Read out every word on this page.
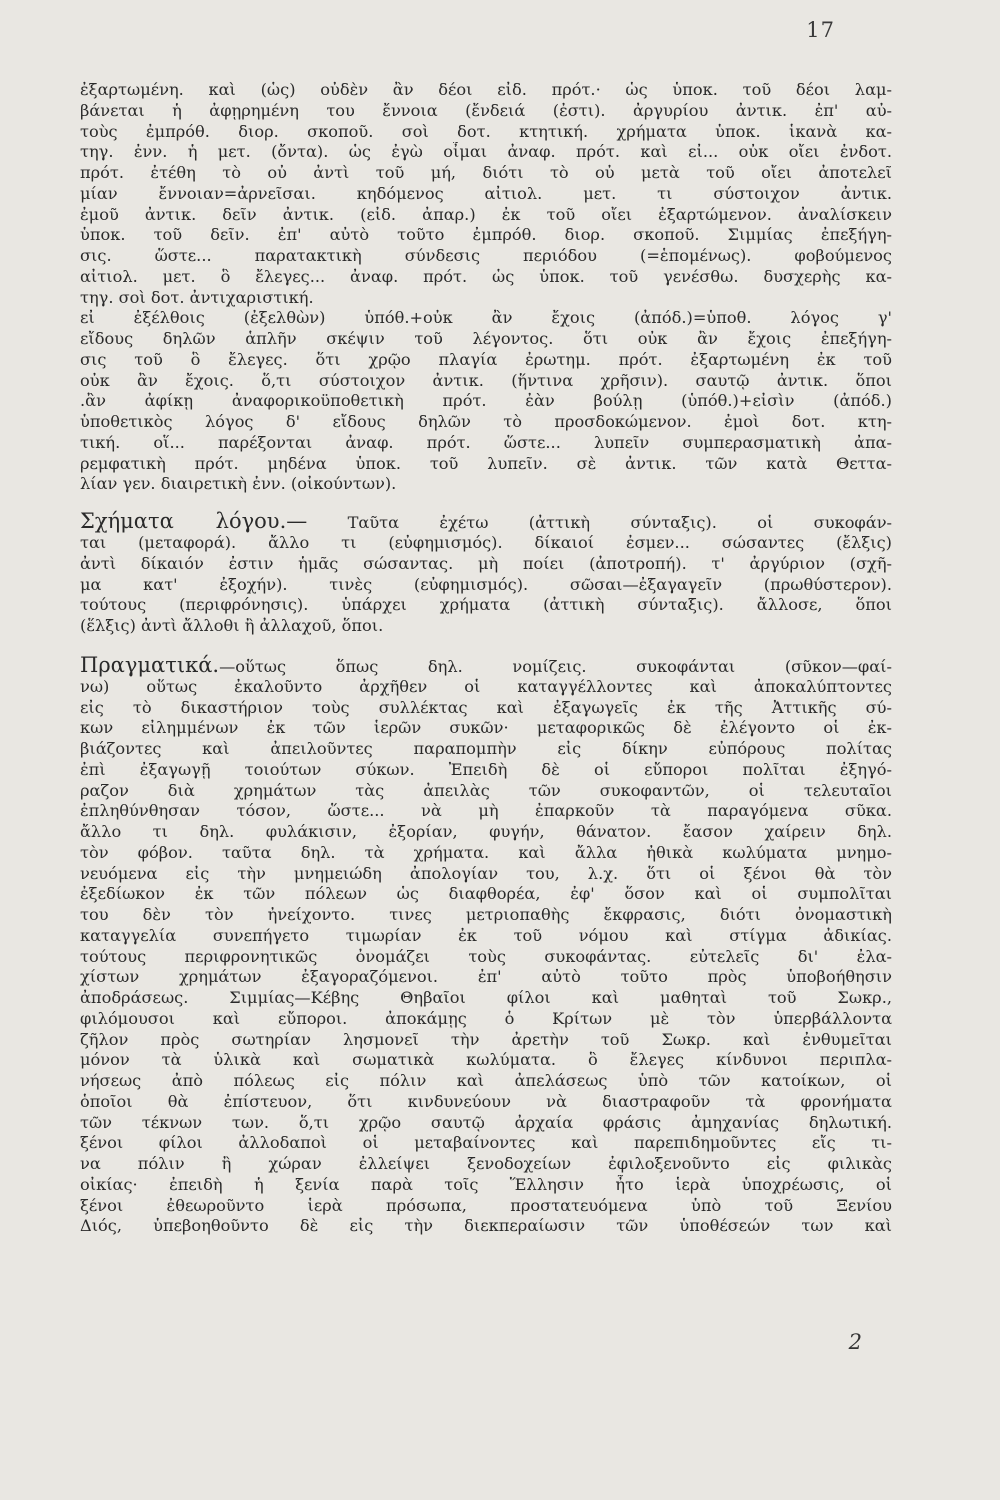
17
ἐξαρτωμένη. καὶ (ὡς) οὐδὲν ἂν δέοι εἰδ. πρότ.· ὡς ὑποκ. τοῦ δέοι λαμ-
βάνεται ἡ ἀφῃρημένη του ἔννοια (ἔνδειά (ἐστι). ἀργυρίου ἀντικ. ἐπ' αὐ-
τοὺς ἐμπρόθ. διορ. σκοποῦ. σοὶ δοτ. κτητική. χρήματα ὑποκ. ἱκανὰ κα-
τηγ. ἐνν. ἡ μετ. (ὄντα). ὡς ἐγὼ οἶμαι ἀναφ. πρότ. καὶ εἰ... οὐκ οἴει ἐνδοτ.
πρότ. ἐτέθη τὸ οὐ ἀντὶ τοῦ μή, διότι τὸ οὐ μετὰ τοῦ οἴει ἀποτελεῖ
μίαν ἔννοιαν=ἀρνεῖσαι. κηδόμενος αἰτιολ. μετ. τι σύστοιχον ἀντικ.
ἐμοῦ ἀντικ. δεῖν ἀντικ. (εἰδ. ἀπαρ.) ἐκ τοῦ οἴει ἐξαρτώμενον. ἀναλίσκειν
ὑποκ. τοῦ δεῖν. ἐπ' αὐτὸ τοῦτο ἐμπρόθ. διορ. σκοποῦ. Σιμμίας ἐπεξήγη-
σις. ὥστε... παρατακτικὴ σύνδεσις περιόδου (=ἑπομένως). φοβούμενος
αἰτιολ. μετ. ὃ ἔλεγες... ἀναφ. πρότ. ὡς ὑποκ. τοῦ γενέσθω. δυσχερὴς κα-
τηγ. σοὶ δοτ. ἀντιχαριστική.
εἰ ἐξέλθοις (ἐξελθὼν) ὑπόθ.+οὐκ ἂν ἔχοις (ἀπόδ.)=ὑποθ. λόγος γ'
εἴδους δηλῶν ἁπλῆν σκέψιν τοῦ λέγοντος. ὅτι οὐκ ἂν ἔχοις ἐπεξήγη-
σις τοῦ ὃ ἔλεγες. ὅτι χρῷο πλαγία ἐρωτημ. πρότ. ἐξαρτωμένη ἐκ τοῦ
οὐκ ἂν ἔχοις. ὅ,τι σύστοιχον ἀντικ. (ἥντινα χρῆσιν). σαυτῷ ἀντικ. ὅποι
.ἂν ἀφίκῃ ἀναφορικοϋποθετικὴ πρότ. ἐὰν βούλῃ (ὑπόθ.)+εἰσὶν (ἀπόδ.)
ὑποθετικὸς λόγος δ' εἴδους δηλῶν τὸ προσδοκώμενον. ἐμοὶ δοτ. κτη-
τική. οἵ... παρέξονται ἀναφ. πρότ. ὥστε... λυπεῖν συμπερασματικὴ ἀπα-
ρεμφατικὴ πρότ. μηδένα ὑποκ. τοῦ λυπεῖν. σὲ ἀντικ. τῶν κατὰ Θεττα-
λίαν γεν. διαιρετικὴ ἐνν. (οἰκούντων).
Σχήματα λόγου.— Ταῦτα ἐχέτω (ἀττικὴ σύνταξις). οἱ συκοφάν-
ται (μεταφορά). ἄλλο τι (εὐφημισμός). δίκαιοί ἐσμεν... σώσαντες (ἔλξις)
ἀντὶ δίκαιόν ἐστιν ἡμᾶς σώσαντας. μὴ ποίει (ἀποτροπή). τ' ἀργύριον (σχῆ-
μα κατ' ἐξοχήν). τινὲς (εὐφημισμός). σῶσαι—ἐξαγαγεῖν (πρωθύστερον).
τούτους (περιφρόνησις). ὑπάρχει χρήματα (ἀττικὴ σύνταξις). ἄλλοσε, ὅποι
(ἕλξις) ἀντὶ ἄλλοθι ἢ ἀλλαχοῦ, ὅποι.
Πραγματικά.—οὕτως ὅπως δηλ. νομίζεις. συκοφάνται (σῦκον—φαί-
νω) οὕτως ἐκαλοῦντο ἀρχῆθεν οἱ καταγγέλλοντες καὶ ἀποκαλύπτοντες
εἰς τὸ δικαστήριον τοὺς συλλέκτας καὶ ἐξαγωγεῖς ἐκ τῆς Ἀττικῆς σύ-
κων εἰλημμένων ἐκ τῶν ἱερῶν συκῶν· μεταφορικῶς δὲ ἐλέγοντο οἱ ἐκ-
βιάζοντες καὶ ἀπειλοῦντες παραπομπὴν εἰς δίκην εὐπόρους πολίτας
ἐπὶ ἐξαγωγῇ τοιούτων σύκων. Ἐπειδὴ δὲ οἱ εὔποροι πολῖται ἐξηγό-
ραζον διὰ χρημάτων τὰς ἀπειλὰς τῶν συκοφαντῶν, οἱ τελευταῖοι
ἐπληθύνθησαν τόσον, ὥστε... νὰ μὴ ἐπαρκοῦν τὰ παραγόμενα σῦκα.
ἄλλο τι δηλ. φυλάκισιν, ἐξορίαν, φυγήν, θάνατον. ἔασον χαίρειν δηλ.
τὸν φόβον. ταῦτα δηλ. τὰ χρήματα. καὶ ἄλλα ἠθικὰ κωλύματα μνημο-
νευόμενα εἰς τὴν μνημειώδη ἀπολογίαν του, λ.χ. ὅτι οἱ ξένοι θὰ τὸν
ἐξεδίωκον ἐκ τῶν πόλεων ὡς διαφθορέα, ἐφ' ὅσον καὶ οἱ συμπολῖται
του δὲν τὸν ἠνείχοντο. τινες μετριοπαθὴς ἔκφρασις, διότι ὀνομαστικὴ
καταγγελία συνεπήγετο τιμωρίαν ἐκ τοῦ νόμου καὶ στίγμα ἀδικίας.
τούτους περιφρονητικῶς ὀνομάζει τοὺς συκοφάντας. εὐτελεῖς δι' ἐλα-
χίστων χρημάτων ἐξαγοραζόμενοι. ἐπ' αὐτὸ τοῦτο πρὸς ὑποβοήθησιν
ἀποδράσεως. Σιμμίας—Κέβης Θηβαῖοι φίλοι καὶ μαθηταὶ τοῦ Σωκρ.,
φιλόμουσοι καὶ εὔποροι. ἀποκάμῃς ὁ Κρίτων μὲ τὸν ὑπερβάλλοντα
ζῆλον πρὸς σωτηρίαν λησμονεῖ τὴν ἀρετὴν τοῦ Σωκρ. καὶ ἐνθυμεῖται
μόνον τὰ ὑλικὰ καὶ σωματικὰ κωλύματα. ὃ ἔλεγες κίνδυνοι περιπλα-
νήσεως ἀπὸ πόλεως εἰς πόλιν καὶ ἀπελάσεως ὑπὸ τῶν κατοίκων, οἱ
ὁποῖοι θὰ ἐπίστευον, ὅτι κινδυνεύουν νὰ διαστραφοῦν τὰ φρονήματα
τῶν τέκνων των. ὅ,τι χρῷο σαυτῷ ἀρχαία φράσις ἀμηχανίας δηλωτική.
ξένοι φίλοι ἀλλοδαποὶ οἱ μεταβαίνοντες καὶ παρεπιδημοῦντες εἴς τι-
να πόλιν ἢ χώραν ἐλλείψει ξενοδοχείων ἐφιλοξενοῦντο εἰς φιλικὰς
οἰκίας· ἐπειδὴ ἡ ξενία παρὰ τοῖς Ἕλλησιν ἦτο ἱερὰ ὑποχρέωσις, οἱ
ξένοι ἐθεωροῦντο ἱερὰ πρόσωπα, προστατευόμενα ὑπὸ τοῦ Ξενίου
Διός, ὑπεβοηθοῦντο δὲ εἰς τὴν διεκπεραίωσιν τῶν ὑποθέσεών των καὶ
2
